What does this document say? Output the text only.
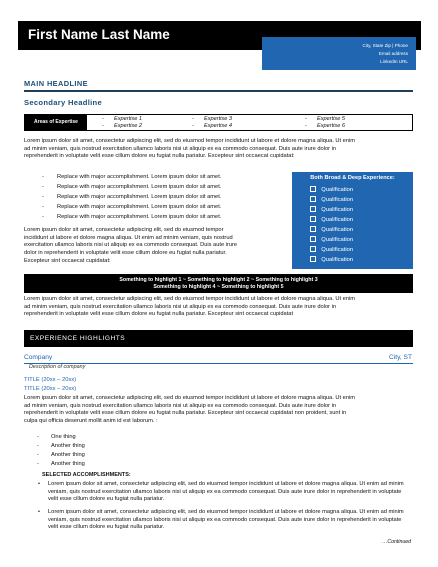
First Name Last Name
City, State Zip | Phone
Email address
LinkedIn URL
MAIN HEADLINE
Secondary Headline
Areas of Expertise
- Expertise 1
- Expertise 2
- Expertise 3
- Expertise 4
- Expertise 5
- Expertise 6
Lorem ipsum dolor sit amet, consectetur adipiscing elit, sed do eiusmod tempor incididunt ut labore et dolore magna aliqua. Ut enim
ad minim veniam, quis nostrud exercitation ullamco laboris nisi ut aliquip ex ea commodo consequat. Duis aute irure dolor in
reprehenderit in voluptate velit esse cillum dolore eu fugiat nulla pariatur. Excepteur sint occaecat cupidatat:
- Replace with major accomplishment. Lorem ipsum dolor sit amet.
- Replace with major accomplishment. Lorem ipsum dolor sit amet.
- Replace with major accomplishment. Lorem ipsum dolor sit amet.
- Replace with major accomplishment. Lorem ipsum dolor sit amet.
- Replace with major accomplishment. Lorem ipsum dolor sit amet.
Lorem ipsum dolor sit amet, consectetur adipiscing elit, sed do eiusmod tempor
incididunt ut labore et dolore magna aliqua. Ut enim ad minim veniam, quis nostrud
exercitation ullamco laboris nisi ut aliquip ex ea commodo consequat. Duis aute irure
dolor in reprehenderit in voluptate velit esse cillum dolore eu fugiat nulla pariatur.
Excepteur sint occaecat cupidatat:
Both Broad & Deep Experience:
Qualification
Qualification
Qualification
Qualification
Qualification
Qualification
Qualification
Qualification
Something to highlight 1 ~ Something to highlight 2 ~ Something to highlight 3
Something to highlight 4 ~ Something to highlight 5
Lorem ipsum dolor sit amet, consectetur adipiscing elit, sed do eiusmod tempor incididunt ut labore et dolore magna aliqua. Ut enim
ad minim veniam, quis nostrud exercitation ullamco laboris nisi ut aliquip ex ea commodo consequat. Duis aute irure dolor in
reprehenderit in voluptate velit esse cillum dolore eu fugiat nulla pariatur. Excepteur sint occaecat cupidatat
EXPERIENCE HIGHLIGHTS
Company	City, ST
Description of company
TITLE (20xx – 20xx)
TITLE (20xx – 20xx)
Lorem ipsum dolor sit amet, consectetur adipiscing elit, sed do eiusmod tempor incididunt ut labore et dolore magna aliqua. Ut enim
ad minim veniam, quis nostrud exercitation ullamco laboris nisi ut aliquip ex ea commodo consequat. Duis aute irure dolor in
reprehenderit in voluptate velit esse cillum dolore eu fugiat nulla pariatur. Excepteur sint occaecat cupidatat non proident, sunt in
culpa qui officia deserunt mollit anim id est laborum. :
- One thing
- Another thing
- Another thing
- Another thing
SELECTED ACCOMPLISHMENTS:
• Lorem ipsum dolor sit amet, consectetur adipiscing elit, sed do eiusmod tempor incididunt ut labore et dolore magna aliqua. Ut enim ad minim veniam, quis nostrud exercitation ullamco laboris nisi ut aliquip ex ea commodo consequat. Duis aute irure dolor in reprehenderit in voluptate velit esse cillum dolore eu fugiat nulla pariatur.
• Lorem ipsum dolor sit amet, consectetur adipiscing elit, sed do eiusmod tempor incididunt ut labore et dolore magna aliqua. Ut enim ad minim veniam, quis nostrud exercitation ullamco laboris nisi ut aliquip ex ea commodo consequat. Duis aute irure dolor in reprehenderit in voluptate velit esse cillum dolore eu fugiat nulla pariatur.
…Continued
